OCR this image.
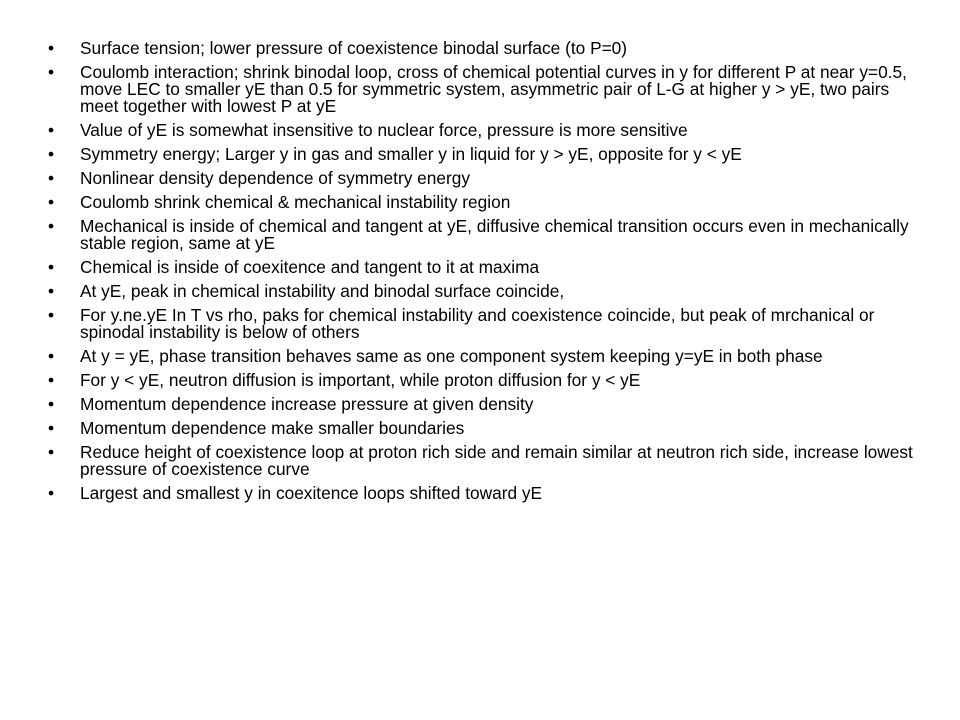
• Surface tension; lower pressure of coexistence binodal surface (to P=0)
• Coulomb interaction; shrink binodal loop, cross of chemical potential curves in y for different P at near y=0.5, move LEC to smaller yE than 0.5 for symmetric system, asymmetric pair of L-G at higher y > yE, two pairs meet together with lowest P at yE
• Value of yE is somewhat insensitive to nuclear force, pressure is more sensitive
• Symmetry energy; Larger y in gas and smaller y in liquid for y > yE, opposite for y < yE
• Nonlinear density dependence of symmetry energy
• Coulomb shrink chemical & mechanical instability region
• Mechanical is inside of chemical and tangent at yE, diffusive chemical transition occurs even in mechanically stable region, same at yE
• Chemical is inside of coexitence and tangent to it at maxima
• At yE, peak in chemical instability and binodal surface coincide,
• For y.ne.yE In T vs rho, paks for chemical instability and coexistence coincide, but peak of mrchanical or spinodal instability is below of others
• At y = yE, phase transition behaves same as one component system keeping y=yE in both phase
• For y < yE, neutron diffusion is important, while proton diffusion for y < yE
• Momentum dependence increase pressure at given density
• Momentum dependence make smaller boundaries
• Reduce height of coexistence loop at proton rich side and remain similar at neutron rich side, increase lowest pressure of coexistence curve
• Largest and smallest y in coexitence loops shifted toward yE
